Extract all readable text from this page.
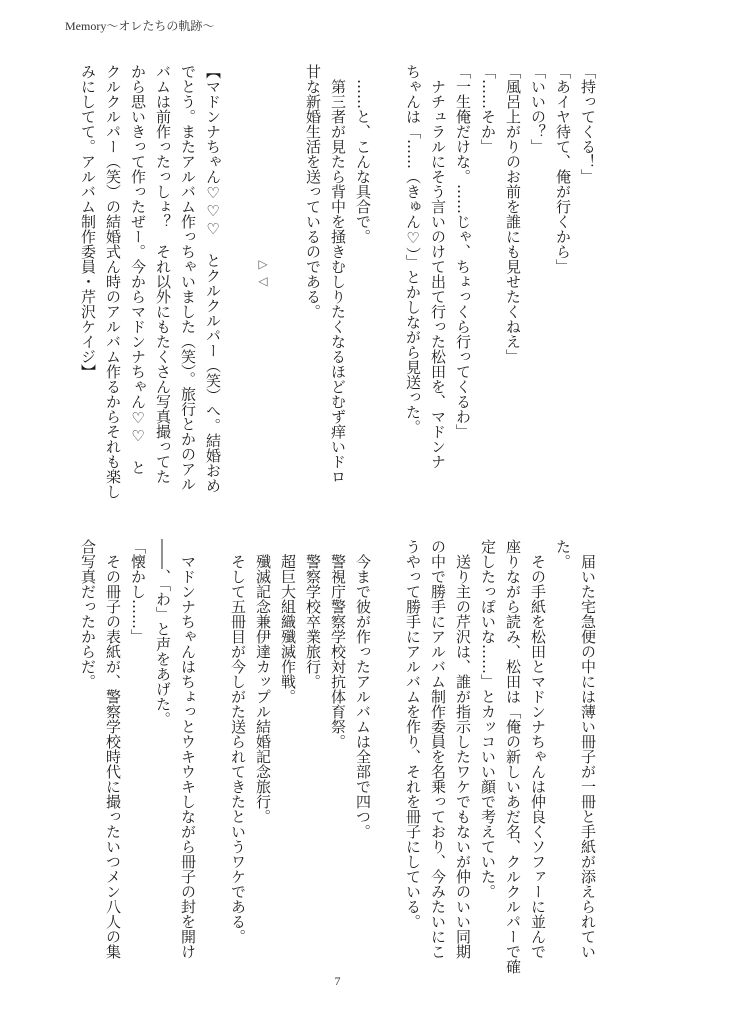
Memory〜オレたちの軌跡〜
「持ってくる！」
「あイヤ待て、俺が行くから」
「いいの？」
「風呂上がりのお前を誰にも見せたくねえ」
「……そか」
「一生俺だけな。……じゃ、ちょっくら行ってくるわ」
　ナチュラルにそう言いのけて出て行った松田を、マドンナ
ちゃんは「……（きゅん♡）」とかしながら見送った。
　……と、こんな具合で。
　第三者が見たら背中を掻きむしりたくなるほどむず痒いドロ
甘な新婚生活を送っているのである。
▷◁
【マドンナちゃん♡♡♡　とクルクルパー（笑）へ。結婚おめ
でとう。またアルバム作っちゃいました（笑）。旅行とかのアル
バムは前作ったっしょ？　それ以外にもたくさん写真撮ってた
から思いきって作ったぜー。今からマドンナちゃん♡♡　と
クルクルパー（笑）の結婚式ん時のアルバム作るからそれも楽し
みにしてて。アルバム制作委員・芹沢ケイジ】
　届いた宅急便の中には薄い冊子が一冊と手紙が添えられてい
た。
　その手紙を松田とマドンナちゃんは仲良くソファーに並んで
座りながら読み、松田は「俺の新しいあだ名、クルクルパーで確
定したっぽいな……」とカッコいい顔で考えていた。
　送り主の芹沢は、誰が指示したワケでもないが仲のいい同期
の中で勝手にアルバム制作委員を名乗っており、今みたいにこ
うやって勝手にアルバムを作り、それを冊子にしている。
　今まで彼が作ったアルバムは全部で四つ。
　警視庁警察学校対抗体育祭。
　警察学校卒業旅行。
　超巨大組織殲滅作戦。
　殲滅記念兼伊達カップル結婚記念旅行。
　そして五冊目が今しがた送られてきたというワケである。
　マドンナちゃんはちょっとウキウキしながら冊子の封を開け
――、「わ」と声をあげた。
「懐かし……」
　その冊子の表紙が、警察学校時代に撮ったいつメン八人の集
合写真だったからだ。
7
